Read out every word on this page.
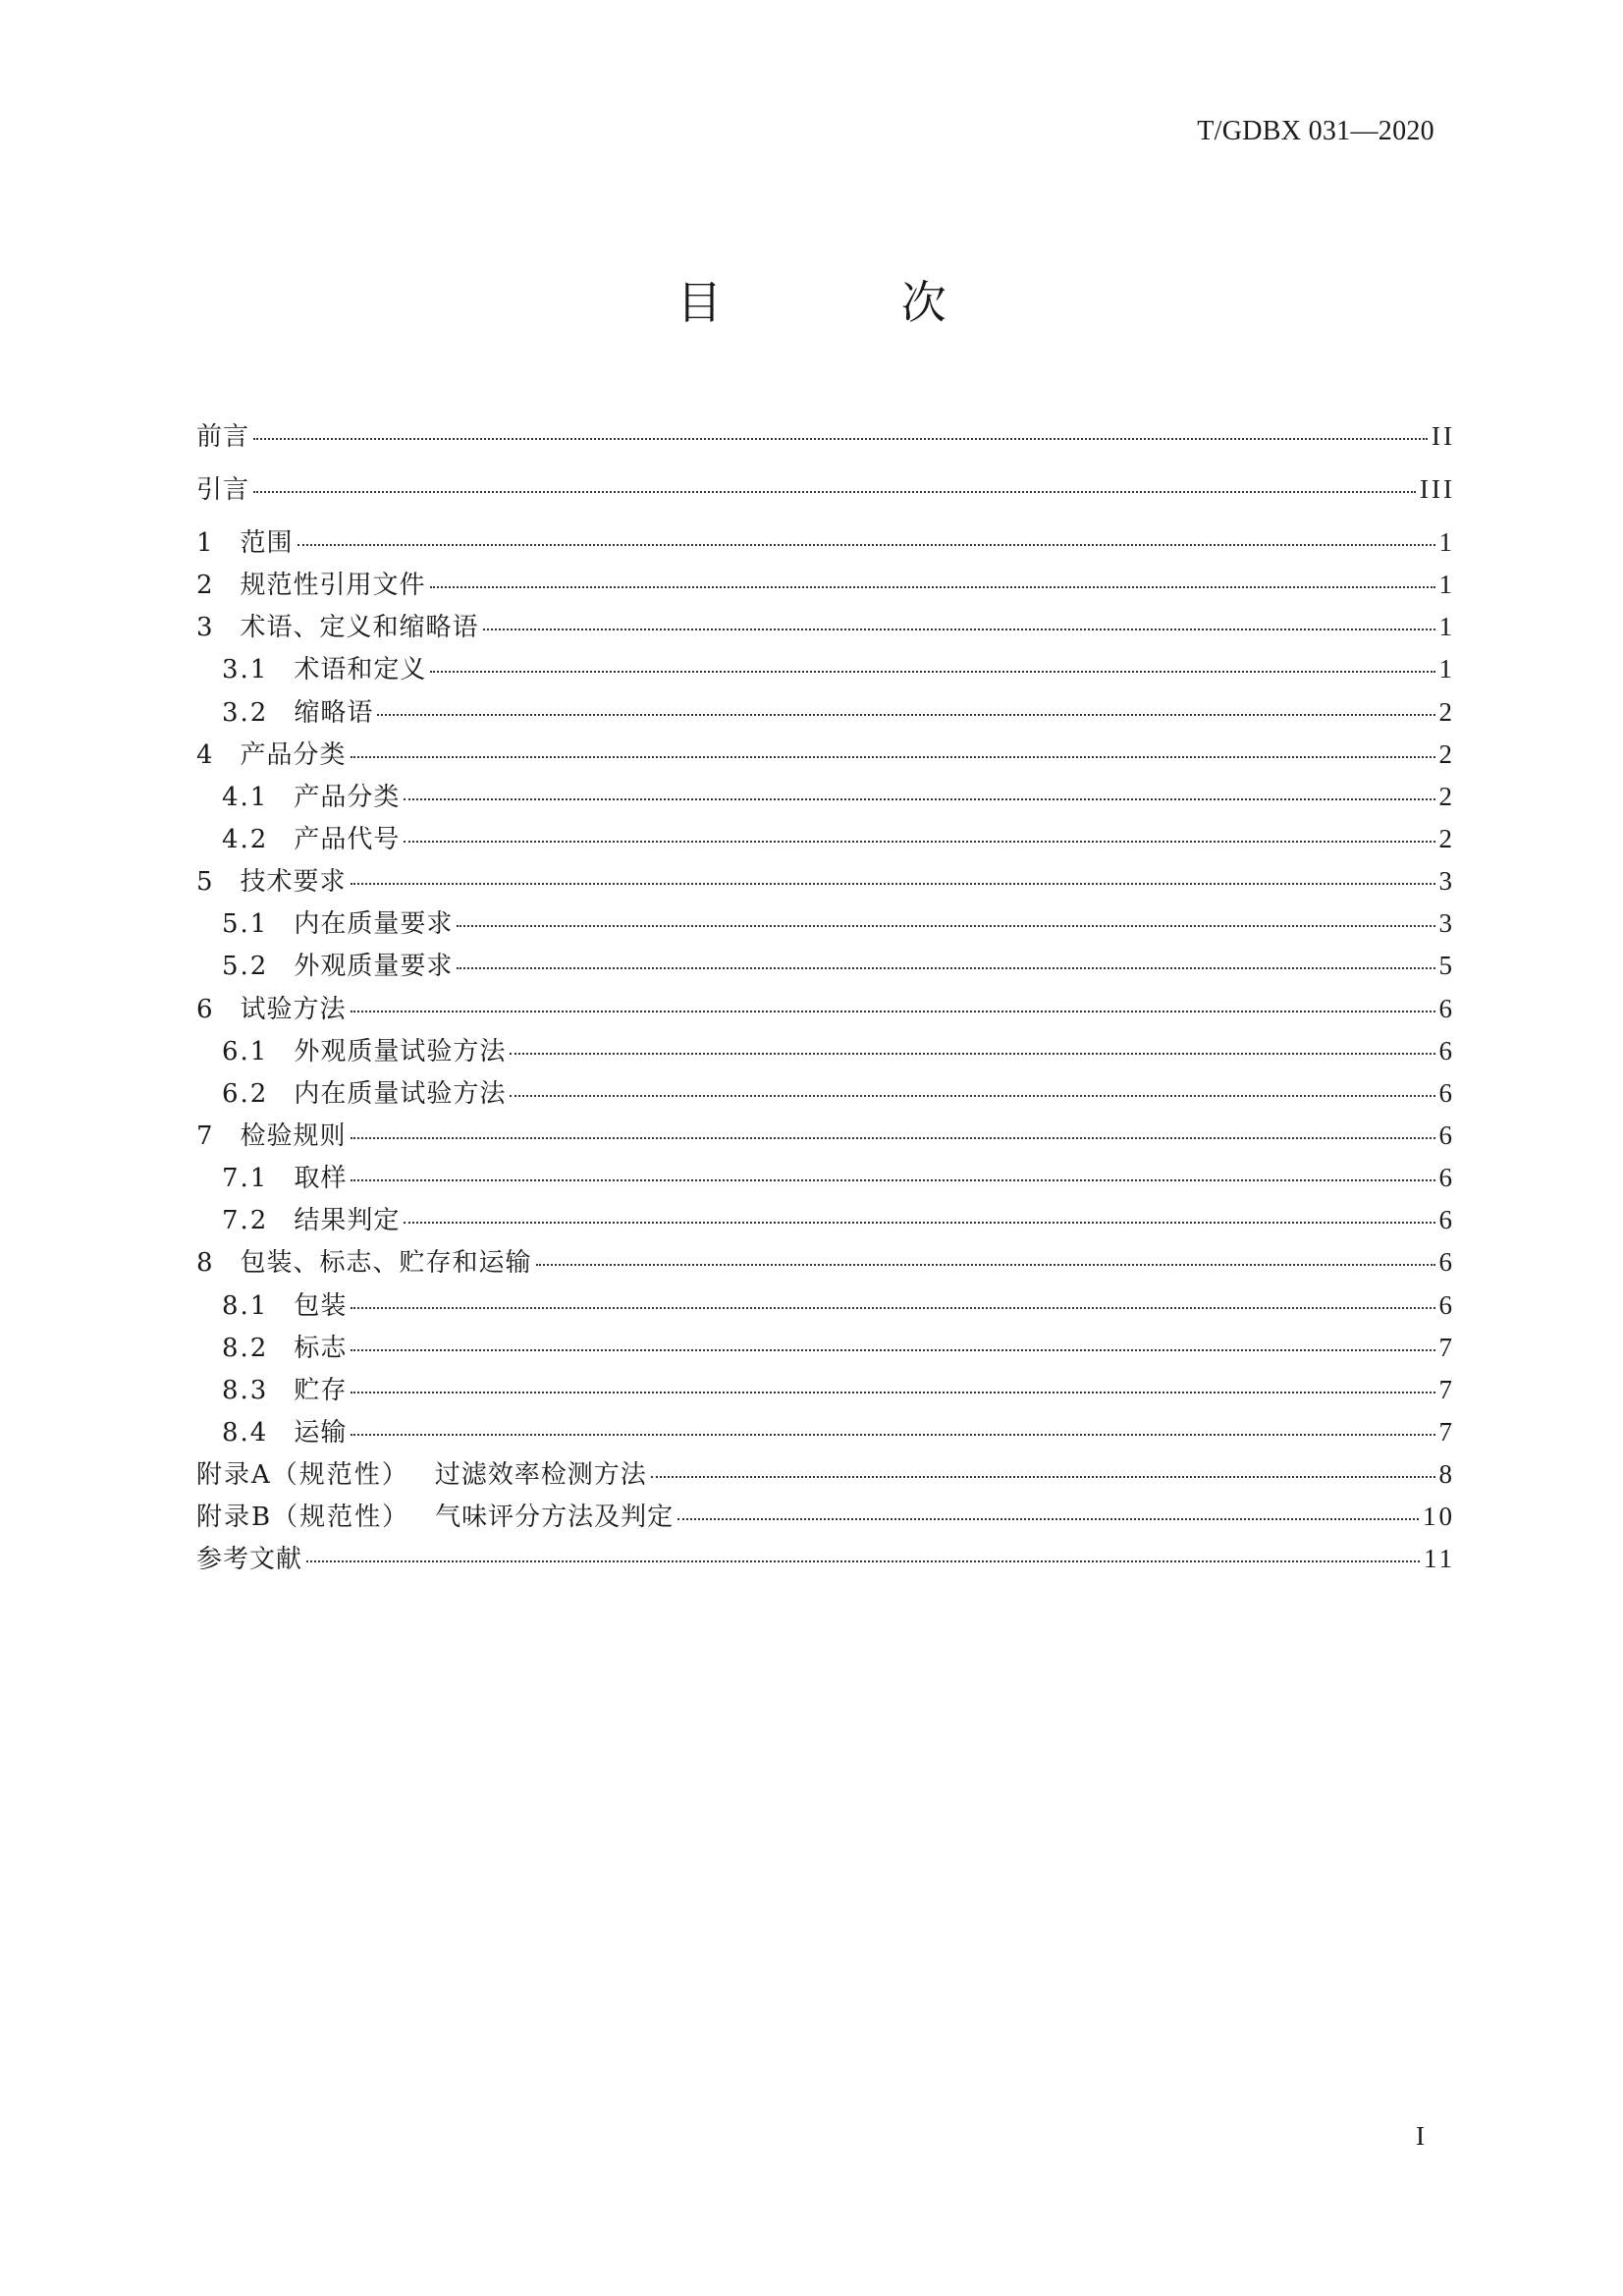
T/GDBX 031—2020
目 次
前言	II
引言	III
1 范围	1
2 规范性引用文件	1
3 术语、定义和缩略语	1
3.1 术语和定义	1
3.2 缩略语	2
4 产品分类	2
4.1 产品分类	2
4.2 产品代号	2
5 技术要求	3
5.1 内在质量要求	3
5.2 外观质量要求	5
6 试验方法	6
6.1 外观质量试验方法	6
6.2 内在质量试验方法	6
7 检验规则	6
7.1 取样	6
7.2 结果判定	6
8 包装、标志、贮存和运输	6
8.1 包装	6
8.2 标志	7
8.3 贮存	7
8.4 运输	7
附录A（规范性） 过滤效率检测方法	8
附录B（规范性） 气味评分方法及判定	10
参考文献	11
I
